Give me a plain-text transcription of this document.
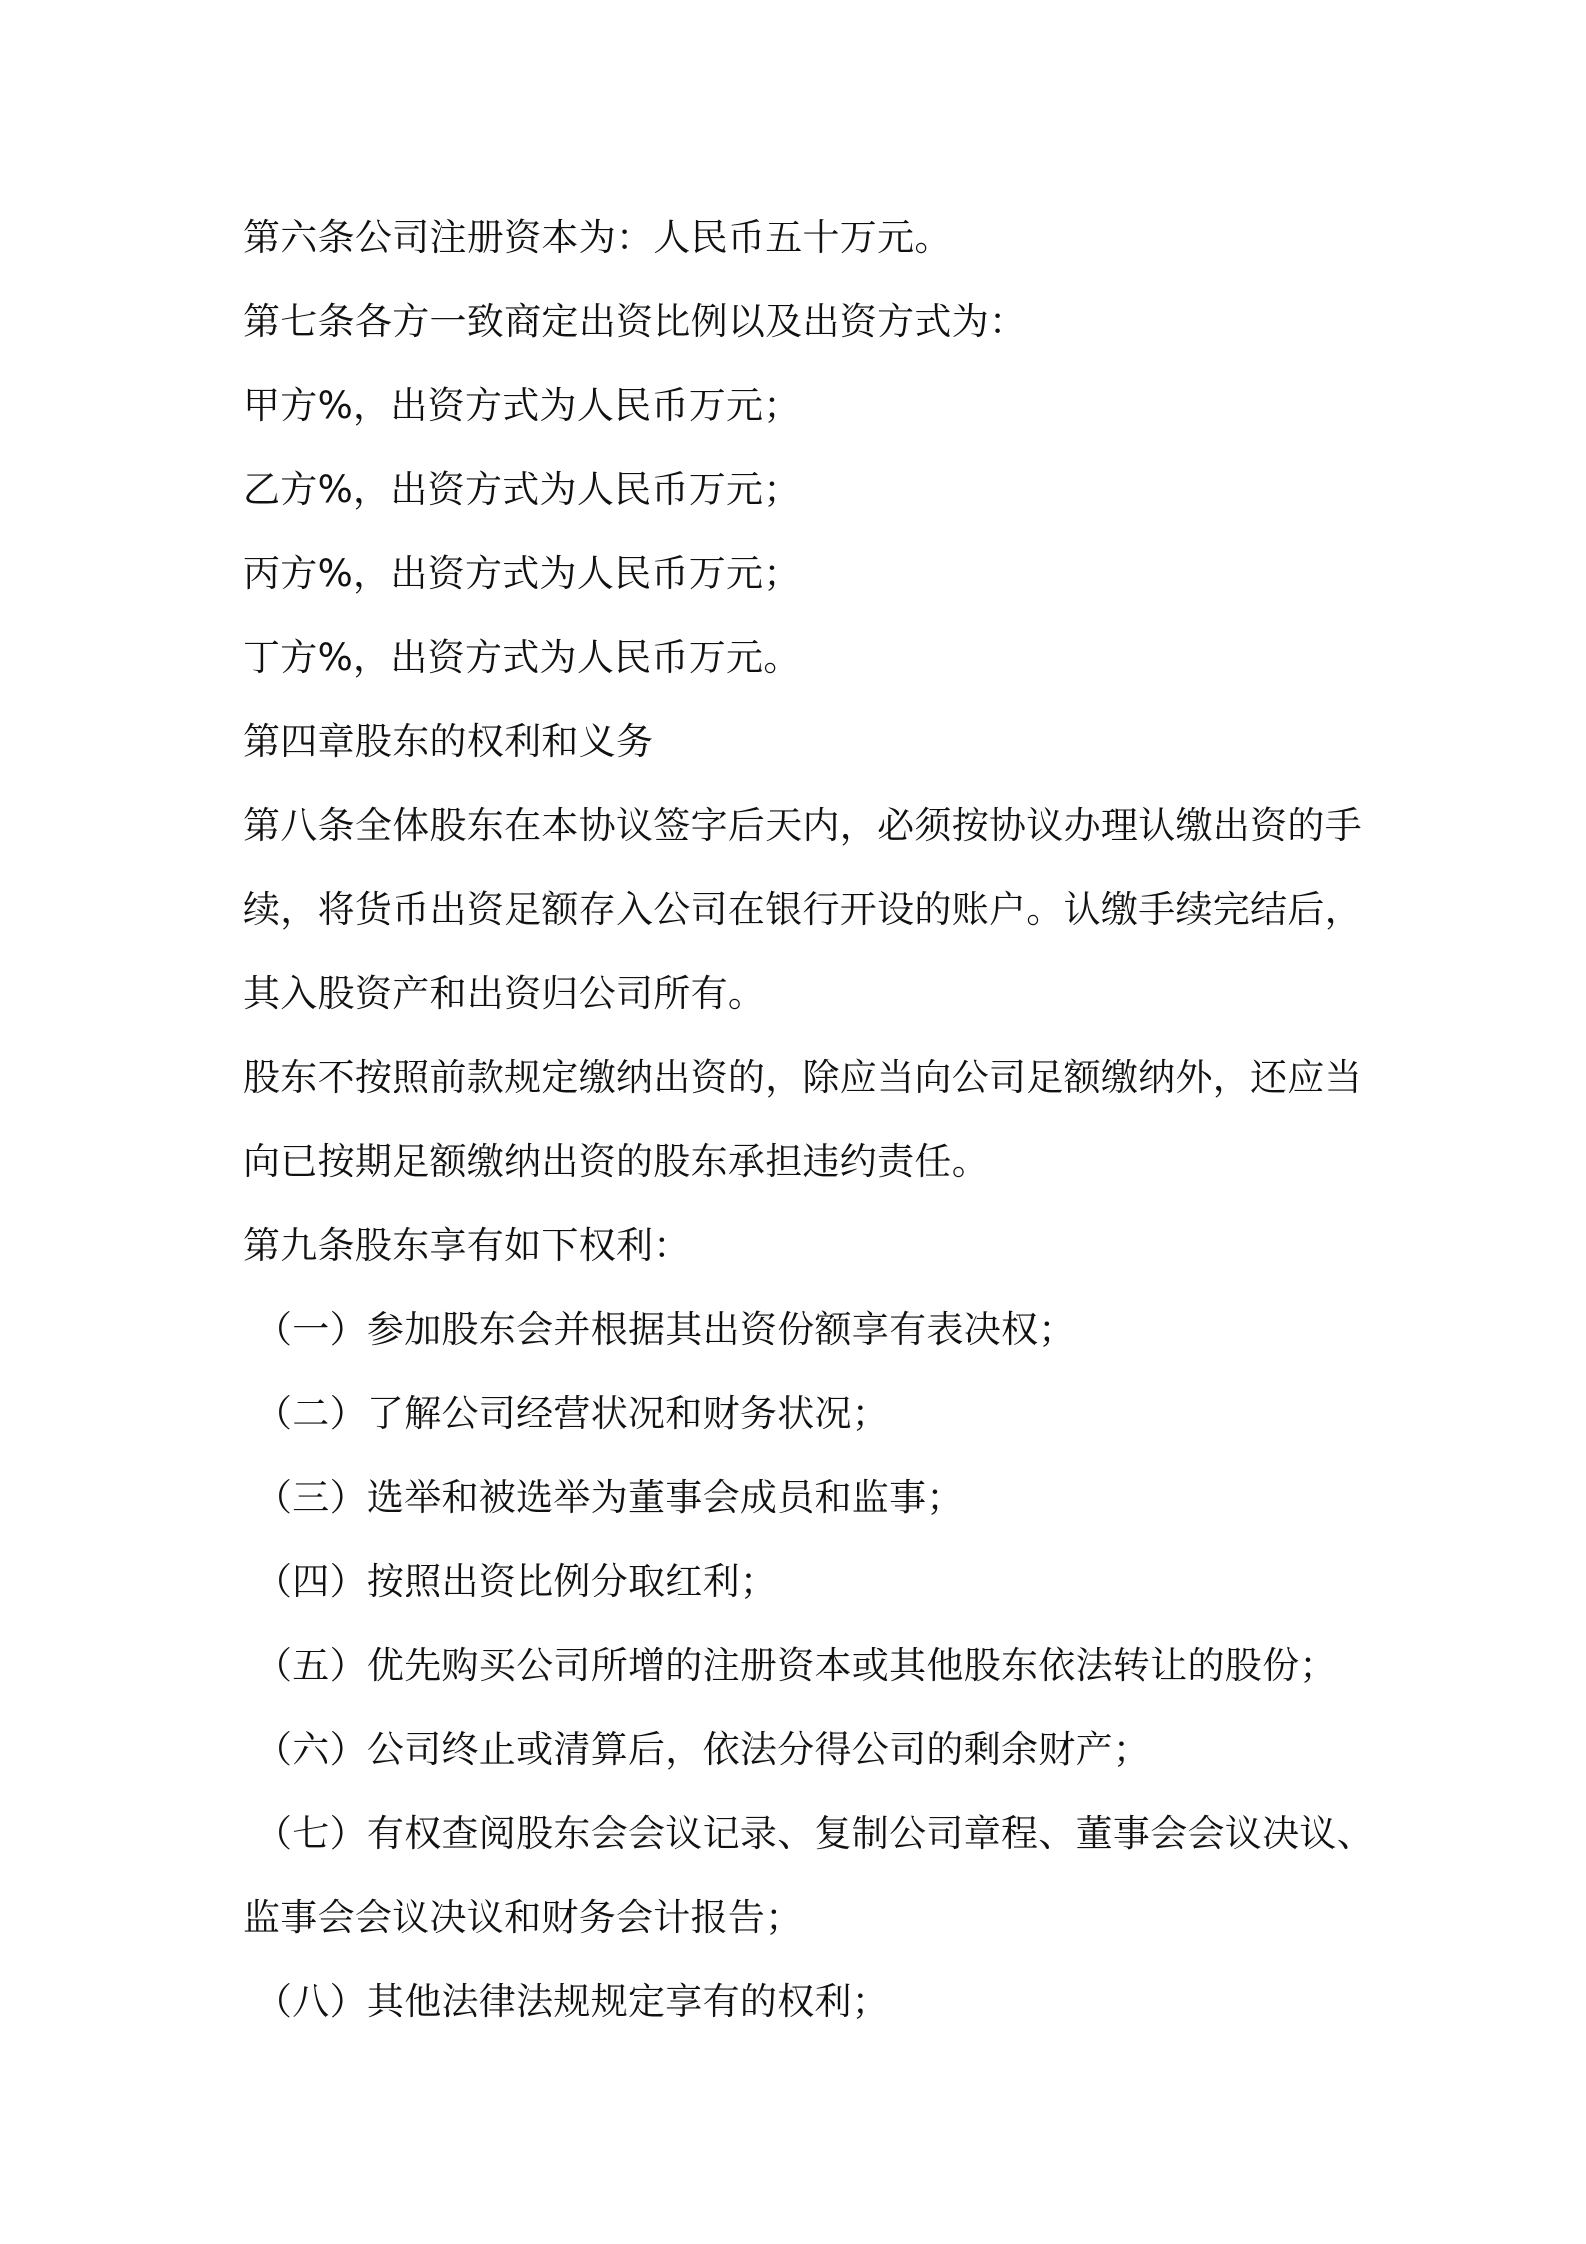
第六条公司注册资本为：人民币五十万元。
第七条各方一致商定出资比例以及出资方式为：
甲方%，出资方式为人民币万元；
乙方%，出资方式为人民币万元；
丙方%，出资方式为人民币万元；
丁方%，出资方式为人民币万元。
第四章股东的权利和义务
第八条全体股东在本协议签字后天内，必须按协议办理认缴出资的手
续，将货币出资足额存入公司在银行开设的账户。认缴手续完结后，
其入股资产和出资归公司所有。
股东不按照前款规定缴纳出资的，除应当向公司足额缴纳外，还应当
向已按期足额缴纳出资的股东承担违约责任。
第九条股东享有如下权利：
（一）参加股东会并根据其出资份额享有表决权；
（二）了解公司经营状况和财务状况；
（三）选举和被选举为董事会成员和监事；
（四）按照出资比例分取红利；
（五）优先购买公司所增的注册资本或其他股东依法转让的股份；
（六）公司终止或清算后，依法分得公司的剩余财产；
（七）有权查阅股东会会议记录、复制公司章程、董事会会议决议、
监事会会议决议和财务会计报告；
（八）其他法律法规规定享有的权利；
